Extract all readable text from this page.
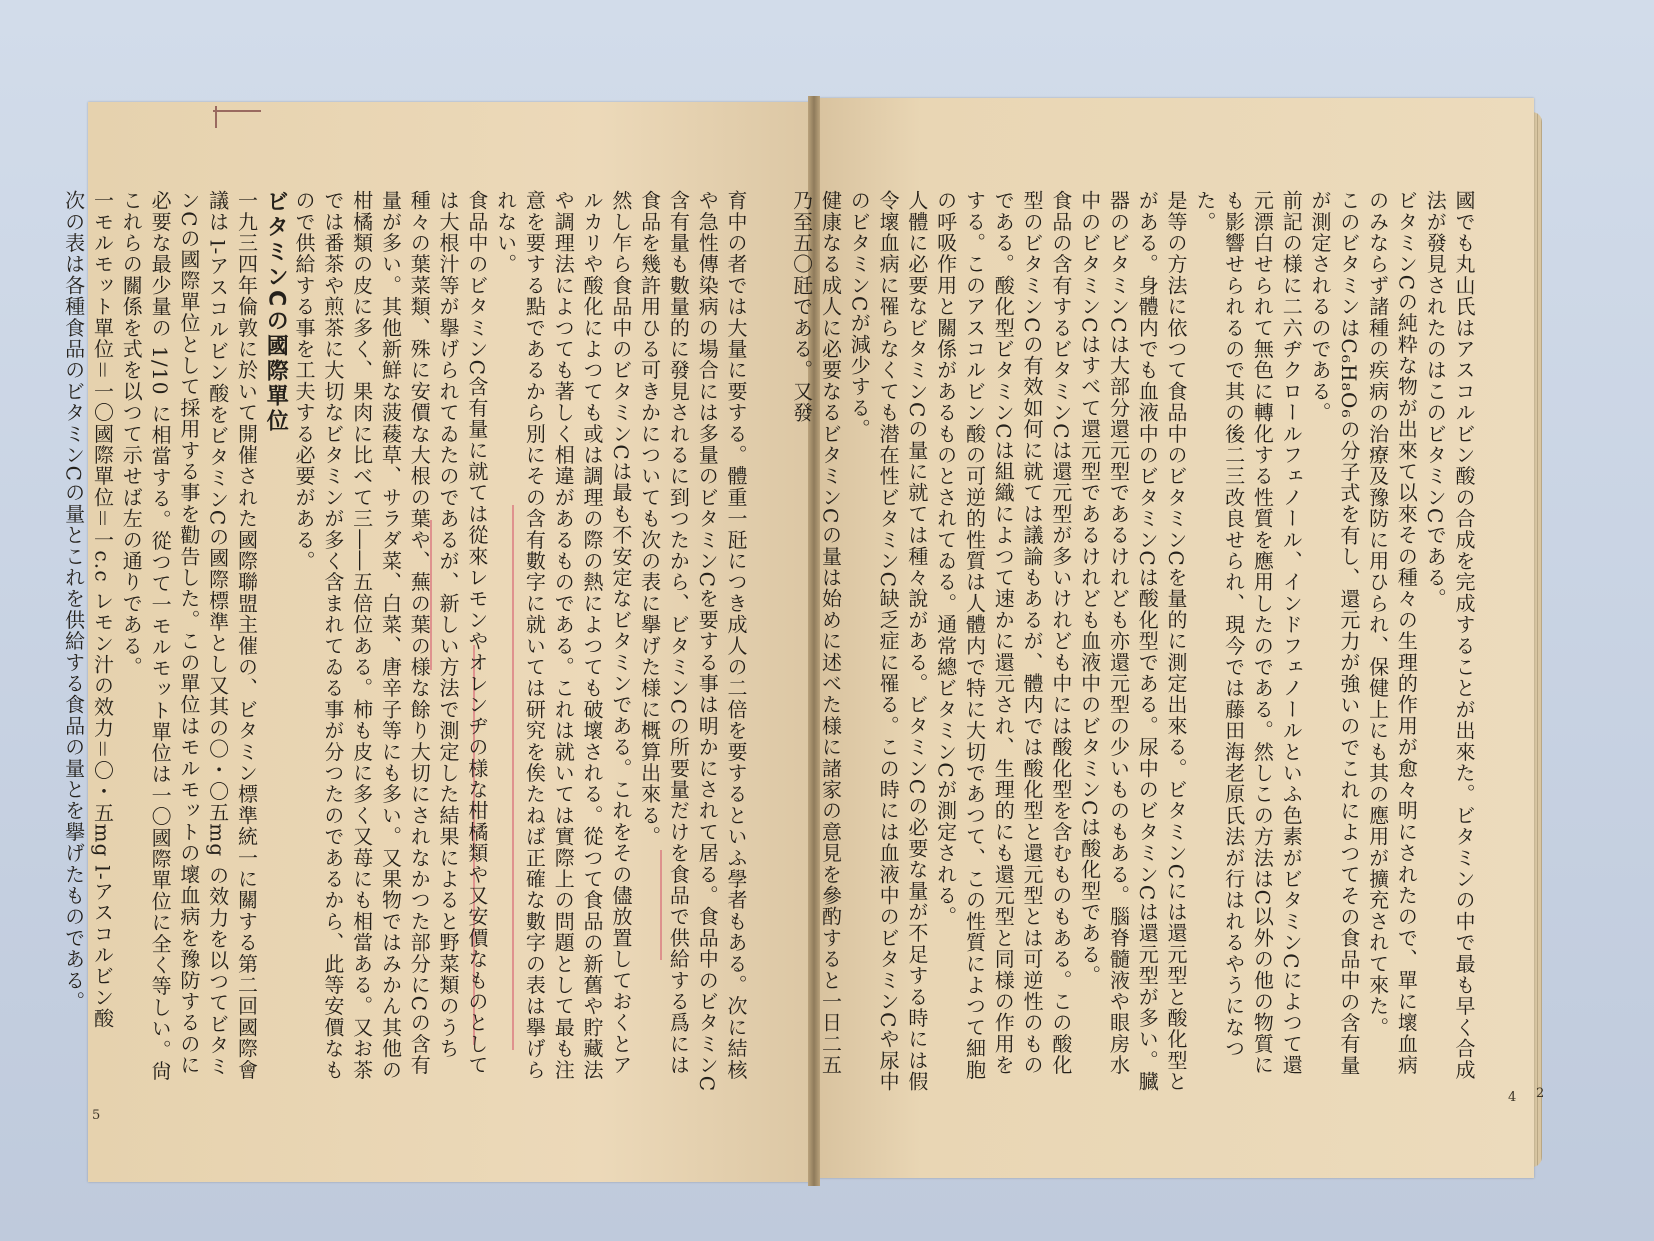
國でも丸山氏はアスコルビン酸の合成を完成することが出來た。ビタミンの中で最も早く合成法が發見されたのはこのビタミンCである。

ビタミンCの純粋な物が出來て以來その種々の生理的作用が愈々明にされたので、單に壞血病のみならず諸種の疾病の治療及豫防に用ひられ、保健上にも其の應用が擴充されて來た。

このビタミンはC₆H₈O₆の分子式を有し、還元力が強いのでこれによつてその食品中の含有量が測定されるのである。

前記の様に二六ヂクロールフェノール、インドフェノールといふ色素がビタミンCによつて還元漂白せられて無色に轉化する性質を應用したのである。然しこの方法はC以外の他の物質にも影響せられるので其の後二三改良せられ、現今では藤田海老原氏法が行はれるやうになつた。

是等の方法に依つて食品中のビタミンCを量的に測定出來る。ビタミンCには還元型と酸化型とがある。身體内でも血液中のビタミンCは酸化型である。尿中のビタミンCは還元型が多い。臓器のビタミンCは大部分還元型であるけれども亦還元型の少いものもある。腦脊髓液や眼房水中のビタミンCはすべて還元型であるけれども血液中のビタミンCは酸化型である。

食品の含有するビタミンCは還元型が多いけれども中には酸化型を含むものもある。この酸化型のビタミンCの有效如何に就ては議論もあるが、體内では酸化型と還元型とは可逆性のものである。酸化型ビタミンCは組織によつて速かに還元され、生理的にも還元型と同様の作用をする。このアスコルビン酸の可逆的性質は人體内で特に大切であつて、この性質によつて細胞の呼吸作用と關係があるものとされてゐる。通常總ビタミンCが測定される。

人體に必要なビタミンCの量に就ては種々說がある。ビタミンCの必要な量が不足する時には假令壞血病に罹らなくても潜在性ビタミンC缺乏症に罹る。この時には血液中のビタミンCや尿中のビタミンCが減少する。

健康なる成人に必要なるビタミンCの量は始めに述べた様に諸家の意見を參酌すると一日二五乃至五〇瓩である。又發

育中の者では大量に要する。體重一瓩につき成人の二倍を要するといふ學者もある。次に結核や急性傳染病の場合には多量のビタミンCを要する事は明かにされて居る。食品中のビタミンC含有量も數量的に發見されるに到つたから、ビタミンCの所要量だけを食品で供給する爲には食品を幾許用ひる可きかについても次の表に擧げた様に概算出來る。

然し乍ら食品中のビタミンCは最も不安定なビタミンである。これをその儘放置しておくとアルカリや酸化によつても或は調理の際の熱によつても破壞される。從つて食品の新舊や貯藏法や調理法によつても著しく相違があるものである。これは就いては實際上の問題として最も注意を要する點であるから別にその含有數字に就いては研究を俟たねば正確な數字の表は擧げられない。

食品中のビタミンC含有量に就ては從來レモンやオレンヂの様な柑橘類や又安價なものとしては大根汁等が擧げられてゐたのであるが、新しい方法で測定した結果によると野菜類のうち種々の葉菜類、殊に安價な大根の葉や、蕪の葉の様な餘り大切にされなかつた部分にCの含有量が多い。其他新鮮な菠薐草、サラダ菜、白菜、唐辛子等にも多い。又果物ではみかん其他の柑橘類の皮に多く、果肉に比べて三――五倍位ある。柿も皮に多く又苺にも相當ある。又お茶では番茶や煎茶に大切なビタミンが多く含まれてゐる事が分つたのであるから、此等安價なもので供給する事を工夫する必要がある。

ビタミンCの國際單位

一九三四年倫敦に於いて開催された國際聯盟主催の、ビタミン標準統一に關する第二回國際會議は l-アスコルビン酸をビタミンCの國際標準とし又其の〇・〇五mg の效力を以つてビタミンCの國際單位として採用する事を勸告した。この單位はモルモットの壞血病を豫防するのに必要な最少量の 1/10 に相當する。從つて一モルモット單位は一〇國際單位に全く等しい。尙これらの關係を式を以つて示せば左の通りである。

一モルモット單位＝一〇國際單位＝一c.c レモン汁の效力＝〇・五mg l-アスコルビン酸

次の表は各種食品のビタミンCの量とこれを供給する食品の量とを擧げたものである。

5
4 2
